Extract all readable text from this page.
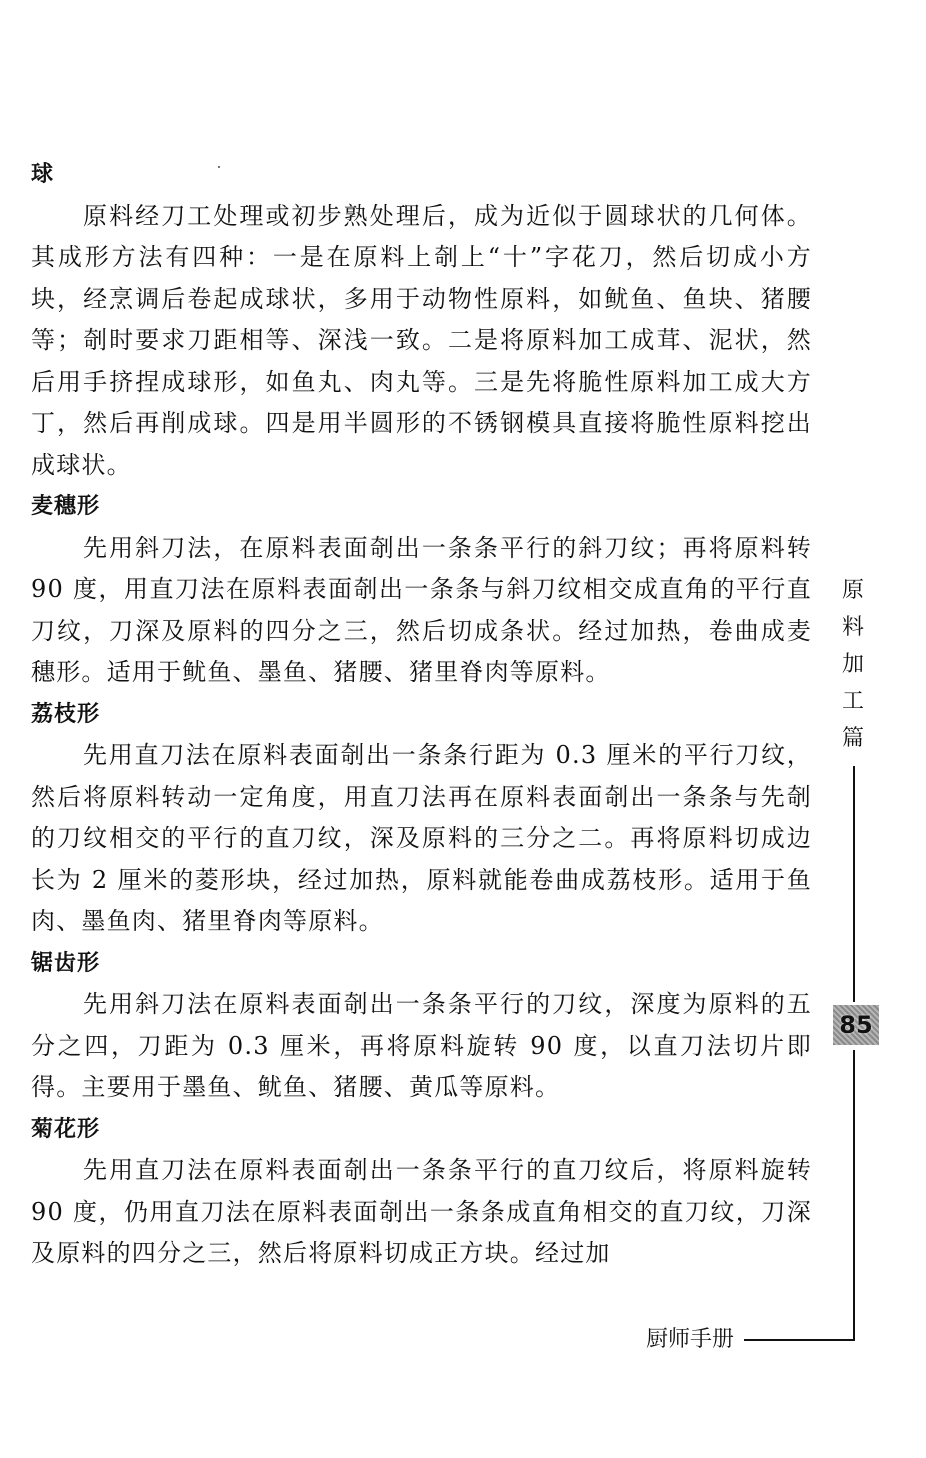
球

原料经刀工处理或初步熟处理后，成为近似于圆球状的几何体。其成形方法有四种：一是在原料上剞上“十”字花刀，然后切成小方块，经烹调后卷起成球状，多用于动物性原料，如鱿鱼、鱼块、猪腰等；剞时要求刀距相等、深浅一致。二是将原料加工成茸、泥状，然后用手挤捏成球形，如鱼丸、肉丸等。三是先将脆性原料加工成大方丁，然后再削成球。四是用半圆形的不锈钢模具直接将脆性原料挖出成球状。

麦穗形

先用斜刀法，在原料表面剞出一条条平行的斜刀纹；再将原料转 90 度，用直刀法在原料表面剞出一条条与斜刀纹相交成直角的平行直刀纹，刀深及原料的四分之三，然后切成条状。经过加热，卷曲成麦穗形。适用于鱿鱼、墨鱼、猪腰、猪里脊肉等原料。

荔枝形

先用直刀法在原料表面剞出一条条行距为 0.3 厘米的平行刀纹，然后将原料转动一定角度，用直刀法再在原料表面剞出一条条与先剞的刀纹相交的平行的直刀纹，深及原料的三分之二。再将原料切成边长为 2 厘米的菱形块，经过加热，原料就能卷曲成荔枝形。适用于鱼肉、墨鱼肉、猪里脊肉等原料。

锯齿形

先用斜刀法在原料表面剞出一条条平行的刀纹，深度为原料的五分之四，刀距为 0.3 厘米，再将原料旋转 90 度，以直刀法切片即得。主要用于墨鱼、鱿鱼、猪腰、黄瓜等原料。

菊花形

先用直刀法在原料表面剞出一条条平行的直刀纹后，将原料旋转 90 度，仍用直刀法在原料表面剞出一条条成直角相交的直刀纹，刀深及原料的四分之三，然后将原料切成正方块。经过加

原
料
加
工
篇
85
厨师手册
